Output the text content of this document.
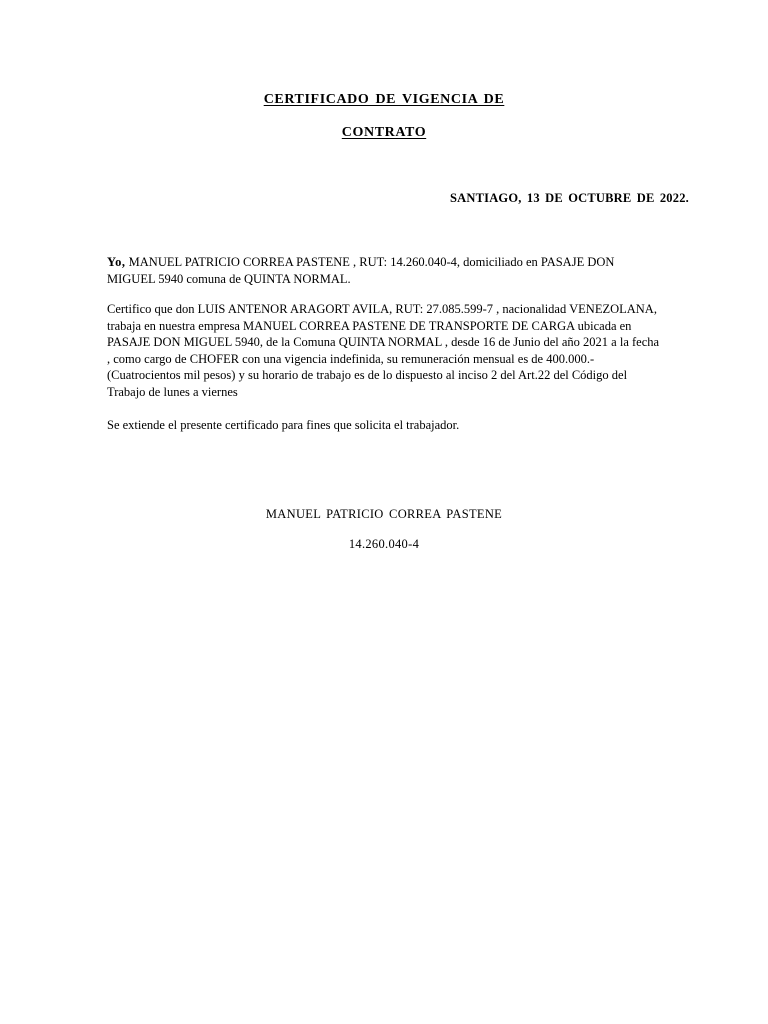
CERTIFICADO DE VIGENCIA DE
CONTRATO
SANTIAGO, 13 DE OCTUBRE DE 2022.
Yo, MANUEL PATRICIO CORREA PASTENE , RUT: 14.260.040-4, domiciliado en PASAJE DON MIGUEL 5940 comuna de QUINTA NORMAL.
Certifico que don LUIS ANTENOR ARAGORT AVILA, RUT: 27.085.599-7 , nacionalidad VENEZOLANA, trabaja en nuestra empresa MANUEL CORREA PASTENE DE TRANSPORTE DE CARGA ubicada en PASAJE DON MIGUEL 5940, de la Comuna QUINTA NORMAL , desde 16 de Junio del año 2021 a la fecha , como cargo de CHOFER con una vigencia indefinida, su remuneración mensual es de 400.000.-(Cuatrocientos mil pesos) y su horario de trabajo es de lo dispuesto al inciso 2 del Art.22 del Código del Trabajo de lunes a viernes
Se extiende el presente certificado para fines que solicita el trabajador.
MANUEL PATRICIO CORREA PASTENE
14.260.040-4
